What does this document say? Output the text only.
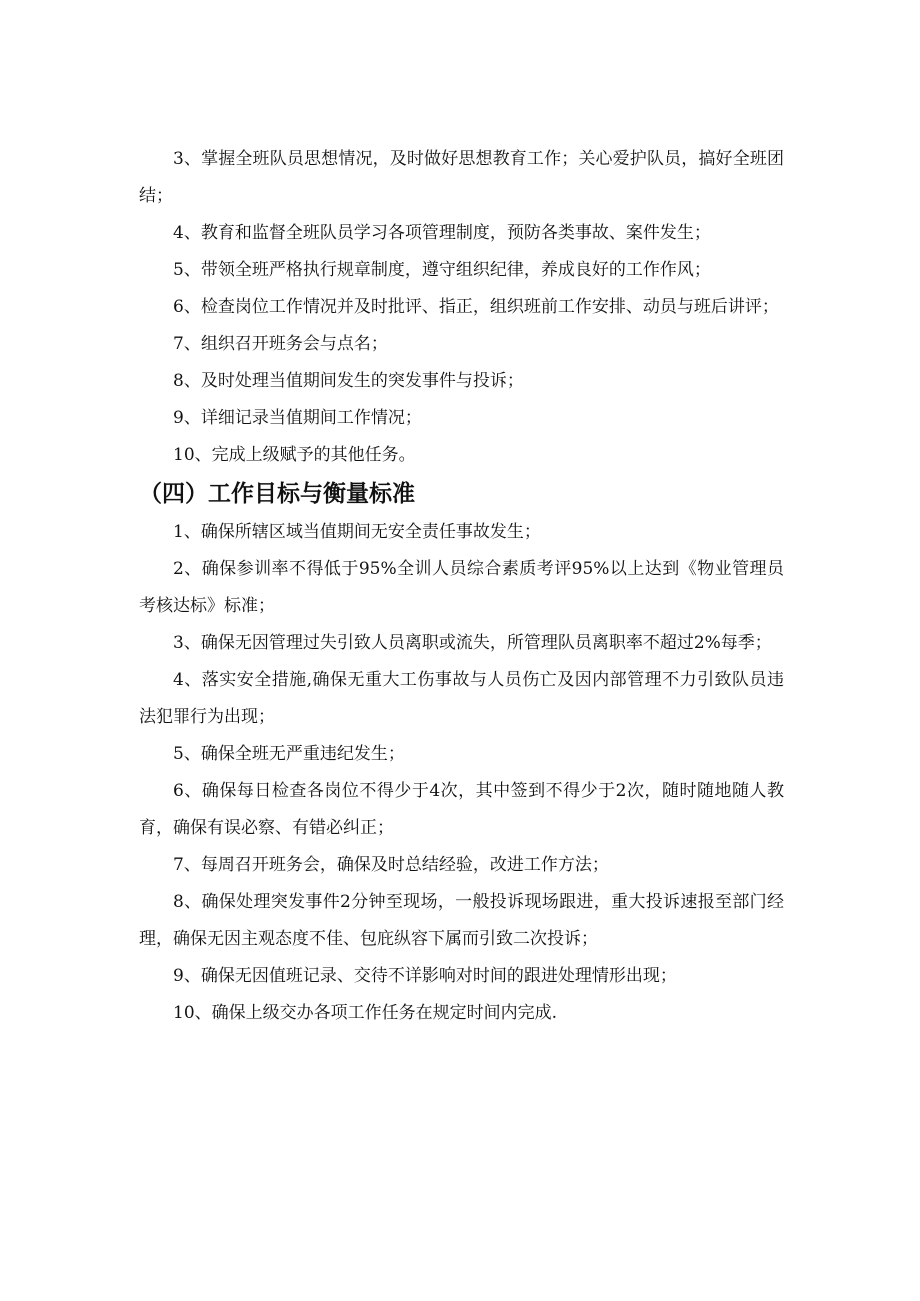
3、掌握全班队员思想情况，及时做好思想教育工作；关心爱护队员，搞好全班团结；

4、教育和监督全班队员学习各项管理制度，预防各类事故、案件发生；

5、带领全班严格执行规章制度，遵守组织纪律，养成良好的工作作风；

6、检查岗位工作情况并及时批评、指正，组织班前工作安排、动员与班后讲评；

7、组织召开班务会与点名；

8、及时处理当值期间发生的突发事件与投诉；

9、详细记录当值期间工作情况；

10、完成上级赋予的其他任务。

（四）工作目标与衡量标准

1、确保所辖区域当值期间无安全责任事故发生；

2、确保参训率不得低于95%全训人员综合素质考评95%以上达到《物业管理员考核达标》标准；

3、确保无因管理过失引致人员离职或流失，所管理队员离职率不超过2%每季；

4、落实安全措施,确保无重大工伤事故与人员伤亡及因内部管理不力引致队员违法犯罪行为出现；

5、确保全班无严重违纪发生；

6、确保每日检查各岗位不得少于4次，其中签到不得少于2次，随时随地随人教育，确保有误必察、有错必纠正；

7、每周召开班务会，确保及时总结经验，改进工作方法；

8、确保处理突发事件2分钟至现场，一般投诉现场跟进，重大投诉速报至部门经理，确保无因主观态度不佳、包庇纵容下属而引致二次投诉；

9、确保无因值班记录、交待不详影响对时间的跟进处理情形出现；

10、确保上级交办各项工作任务在规定时间内完成.
